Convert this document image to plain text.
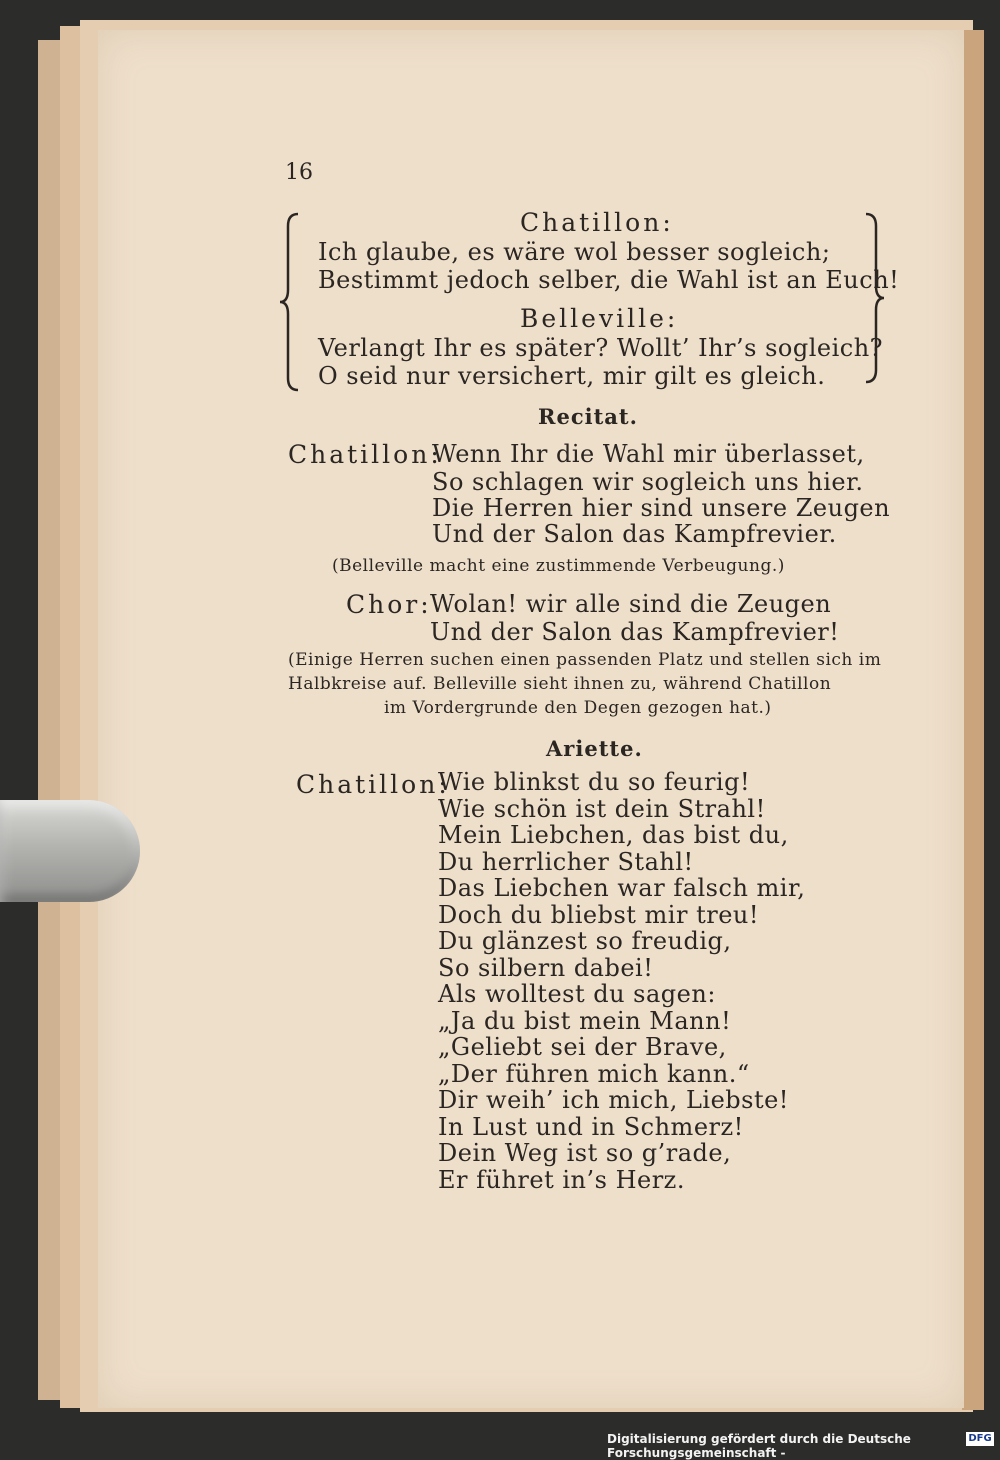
16
Chatillon:
Ich glaube, es wäre wol besser sogleich;
Bestimmt jedoch selber, die Wahl ist an Euch!
Belleville:
Verlangt Ihr es später? Wollt’ Ihr’s sogleich?
O seid nur versichert, mir gilt es gleich.
Recitat.
Chatillon:
Wenn Ihr die Wahl mir überlasset,
So schlagen wir sogleich uns hier.
Die Herren hier sind unsere Zeugen
Und der Salon das Kampfrevier.
(Belleville macht eine zustimmende Verbeugung.)
Chor:
Wolan! wir alle sind die Zeugen
Und der Salon das Kampfrevier!
(Einige Herren suchen einen passenden Platz und stellen sich im
Halbkreise auf. Belleville sieht ihnen zu, während Chatillon
im Vordergrunde den Degen gezogen hat.)
Ariette.
Chatillon:
Wie blinkst du so feurig!
Wie schön ist dein Strahl!
Mein Liebchen, das bist du,
Du herrlicher Stahl!
Das Liebchen war falsch mir,
Doch du bliebst mir treu!
Du glänzest so freudig,
So silbern dabei!
Als wolltest du sagen:
„Ja du bist mein Mann!
„Geliebt sei der Brave,
„Der führen mich kann.“
Dir weih’ ich mich, Liebste!
In Lust und in Schmerz!
Dein Weg ist so g’rade,
Er führet in’s Herz.
Digitalisierung gefördert durch die Deutsche Forschungsgemeinschaft -
DFG
